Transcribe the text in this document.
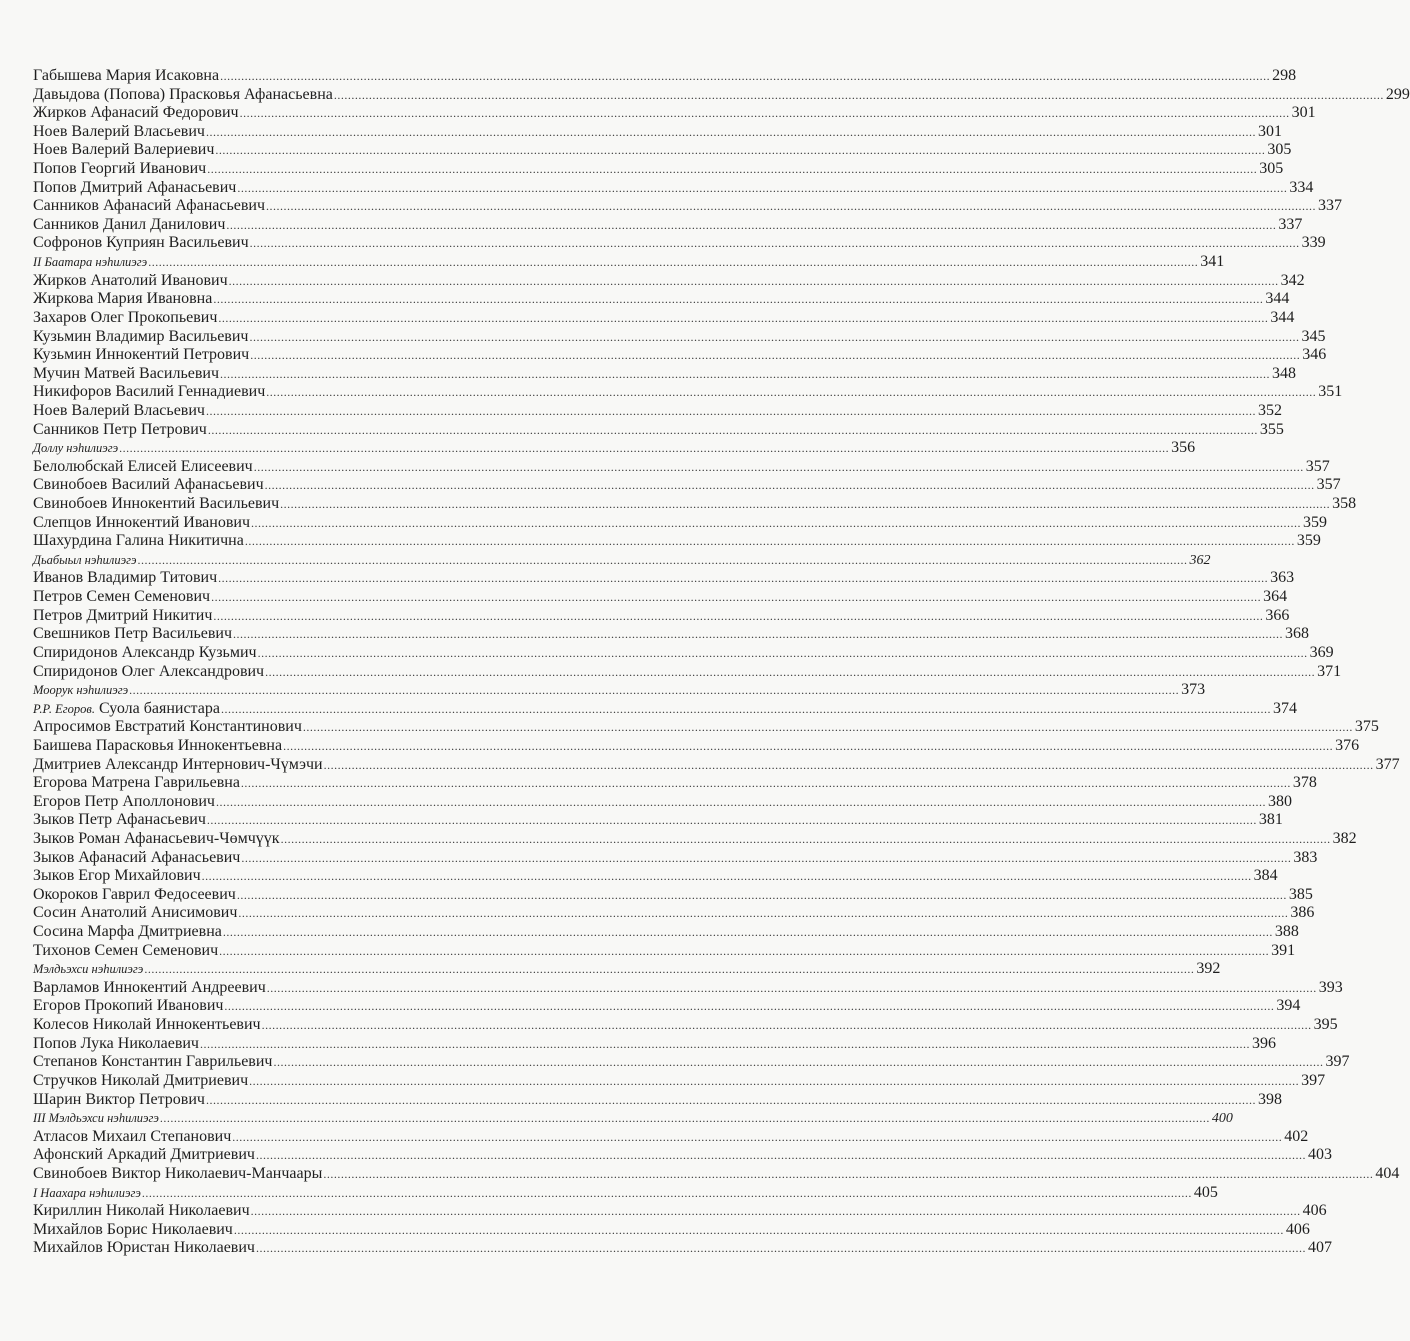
Габышева Мария Исаковна ............................................................................................................................................................................................................................................................................................................ 298
Давыдова (Попова) Прасковья Афанасьевна ............................................................................................................................................................................................................................................................................................................ 299
Жирков Афанасий Федорович ............................................................................................................................................................................................................................................................................................................ 301
Ноев Валерий Власьевич ............................................................................................................................................................................................................................................................................................................ 301
Ноев Валерий Валериевич ............................................................................................................................................................................................................................................................................................................ 305
Попов Георгий Иванович ............................................................................................................................................................................................................................................................................................................ 305
Попов Дмитрий Афанасьевич ............................................................................................................................................................................................................................................................................................................ 334
Санников Афанасий Афанасьевич ............................................................................................................................................................................................................................................................................................................ 337
Санников Данил Данилович ............................................................................................................................................................................................................................................................................................................ 337
Софронов Куприян Васильевич ............................................................................................................................................................................................................................................................................................................ 339
II Баатара нэһилиэгэ ............................................................................................................................................................................................................................................................................................................ 341
Жирков Анатолий Иванович ............................................................................................................................................................................................................................................................................................................ 342
Жиркова Мария Ивановна ............................................................................................................................................................................................................................................................................................................ 344
Захаров Олег Прокопьевич ............................................................................................................................................................................................................................................................................................................ 344
Кузьмин Владимир Васильевич ............................................................................................................................................................................................................................................................................................................ 345
Кузьмин Иннокентий Петрович ............................................................................................................................................................................................................................................................................................................ 346
Мучин Матвей Васильевич ............................................................................................................................................................................................................................................................................................................ 348
Никифоров Василий Геннадиевич ............................................................................................................................................................................................................................................................................................................ 351
Ноев Валерий Власьевич ............................................................................................................................................................................................................................................................................................................ 352
Санников Петр Петрович ............................................................................................................................................................................................................................................................................................................ 355
Доллу нэһилиэгэ ............................................................................................................................................................................................................................................................................................................ 356
Белолюбскай Елисей Елисеевич ............................................................................................................................................................................................................................................................................................................ 357
Свинобоев Василий Афанасьевич ............................................................................................................................................................................................................................................................................................................ 357
Свинобоев Иннокентий Васильевич ............................................................................................................................................................................................................................................................................................................ 358
Слепцов Иннокентий Иванович ............................................................................................................................................................................................................................................................................................................ 359
Шахурдина Галина Никитична ............................................................................................................................................................................................................................................................................................................ 359
Дьабыыл нэһилиэгэ ............................................................................................................................................................................................................................................................................................................ 362
Иванов Владимир Титович ............................................................................................................................................................................................................................................................................................................ 363
Петров Семен Семенович ............................................................................................................................................................................................................................................................................................................ 364
Петров Дмитрий Никитич ............................................................................................................................................................................................................................................................................................................ 366
Свешников Петр Васильевич ............................................................................................................................................................................................................................................................................................................ 368
Спиридонов Александр Кузьмич ............................................................................................................................................................................................................................................................................................................ 369
Спиридонов Олег Александрович ............................................................................................................................................................................................................................................................................................................ 371
Моорук нэһилиэгэ ............................................................................................................................................................................................................................................................................................................ 373
Р.Р. Егоров. Суола баянистара ............................................................................................................................................................................................................................................................................................................ 374
Апросимов Евстратий Константинович ............................................................................................................................................................................................................................................................................................................ 375
Баишева Парасковья Иннокентьевна ............................................................................................................................................................................................................................................................................................................ 376
Дмитриев Александр Интернович-Чүмэчи ............................................................................................................................................................................................................................................................................................................ 377
Егорова Матрена Гаврильевна ............................................................................................................................................................................................................................................................................................................ 378
Егоров Петр Аполлонович ............................................................................................................................................................................................................................................................................................................ 380
Зыков Петр Афанасьевич ............................................................................................................................................................................................................................................................................................................ 381
Зыков Роман Афанасьевич-Чөмчүүк ............................................................................................................................................................................................................................................................................................................ 382
Зыков Афанасий Афанасьевич ............................................................................................................................................................................................................................................................................................................ 383
Зыков Егор Михайлович ............................................................................................................................................................................................................................................................................................................ 384
Окороков Гаврил Федосеевич ............................................................................................................................................................................................................................................................................................................ 385
Сосин Анатолий Анисимович ............................................................................................................................................................................................................................................................................................................ 386
Сосина Марфа Дмитриевна ............................................................................................................................................................................................................................................................................................................ 388
Тихонов Семен Семенович ............................................................................................................................................................................................................................................................................................................ 391
Мэлдьэхси нэһилиэгэ ............................................................................................................................................................................................................................................................................................................ 392
Варламов Иннокентий Андреевич ............................................................................................................................................................................................................................................................................................................ 393
Егоров Прокопий Иванович ............................................................................................................................................................................................................................................................................................................ 394
Колесов Николай Иннокентьевич ............................................................................................................................................................................................................................................................................................................ 395
Попов Лука Николаевич ............................................................................................................................................................................................................................................................................................................ 396
Степанов Константин Гаврильевич ............................................................................................................................................................................................................................................................................................................ 397
Стручков Николай Дмитриевич ............................................................................................................................................................................................................................................................................................................ 397
Шарин Виктор Петрович ............................................................................................................................................................................................................................................................................................................ 398
III Мэлдьэхси нэһилиэгэ ............................................................................................................................................................................................................................................................................................................ 400
Атласов Михаил Степанович ............................................................................................................................................................................................................................................................................................................ 402
Афонский Аркадий Дмитриевич ............................................................................................................................................................................................................................................................................................................ 403
Свинобоев Виктор Николаевич-Манчаары ............................................................................................................................................................................................................................................................................................................ 404
I Наахара нэһилиэгэ ............................................................................................................................................................................................................................................................................................................ 405
Кириллин Николай Николаевич ............................................................................................................................................................................................................................................................................................................ 406
Михайлов Борис Николаевич ............................................................................................................................................................................................................................................................................................................ 406
Михайлов Юристан Николаевич ............................................................................................................................................................................................................................................................................................................ 407
